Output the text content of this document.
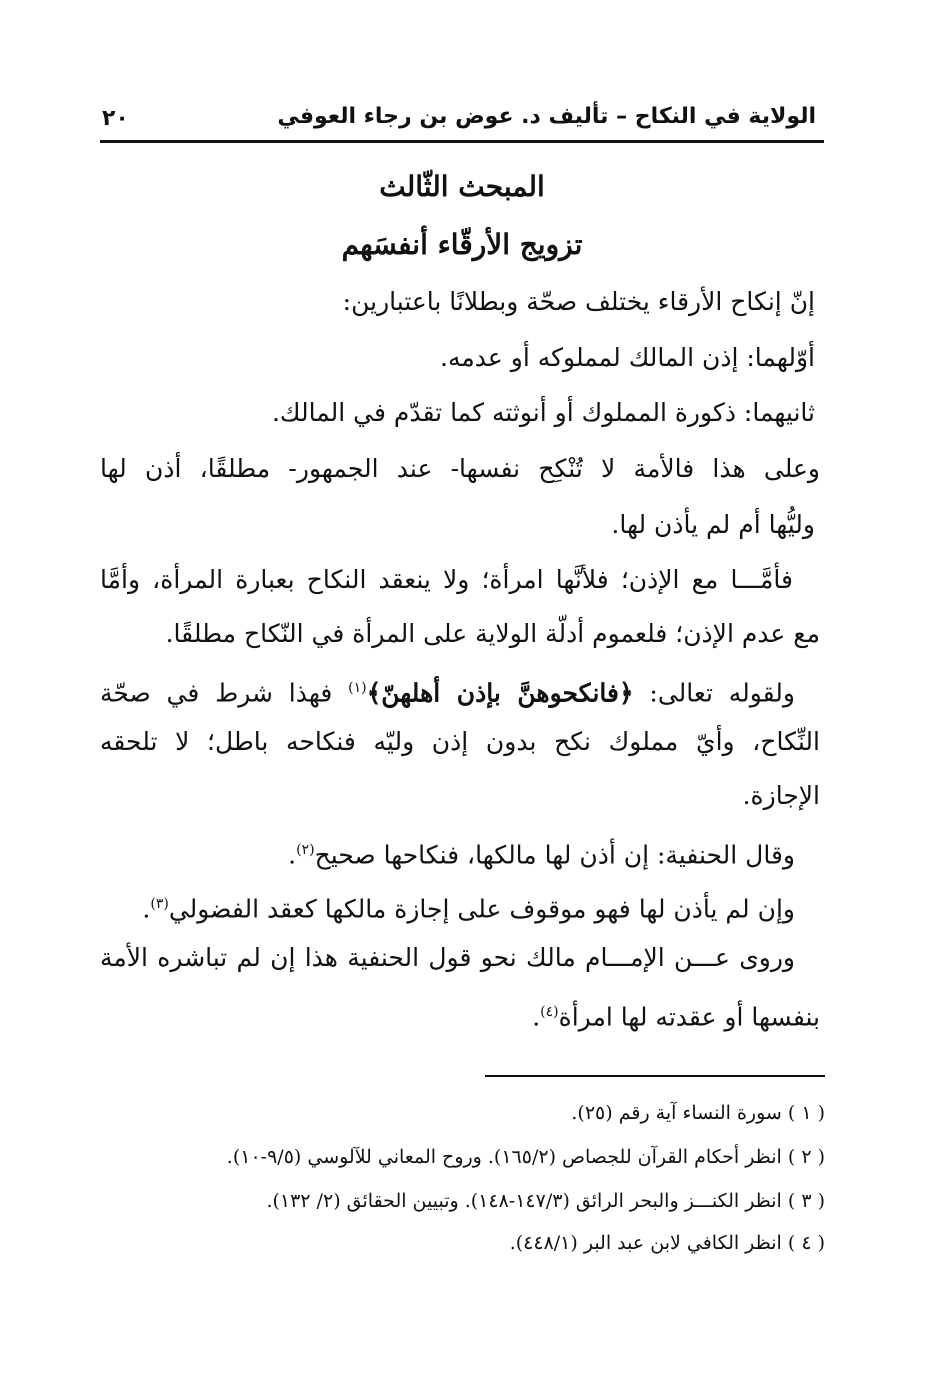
الولاية في النكاح – تأليف د. عوض بن رجاء العوفي
٢٠
المبحث الثّالث
تزويج الأرقّاء أنفسَهم
إنّ إنكاح الأرقاء يختلف صحّة وبطلانًا باعتبارين:
أوّلهما: إذن المالك لمملوكه أو عدمه.
ثانيهما: ذكورة المملوك أو أنوثته كما تقدّم في المالك.
وعلى هذا فالأمة لا تُنْكِح نفسها- عند الجمهور- مطلقًا، أذن لها
وليُّها أم لم يأذن لها.
فأمَّـــا مع الإذن؛ فلأنَّها امرأة؛ ولا ينعقد النكاح بعبارة المرأة، وأمَّا
مع عدم الإذن؛ فلعموم أدلّة الولاية على المرأة في النّكاح مطلقًا.
ولقوله تعالى: ﴿فانكحوهنَّ بإذن أهلهنّ﴾$^{(١)}$ فهذا شرط في صحّة
النِّكاح، وأيّ مملوك نكح بدون إذن وليّه فنكاحه باطل؛ لا تلحقه
الإجازة.
وقال الحنفية: إن أذن لها مالكها، فنكاحها صحيح$^{(٢)}$.
وإن لم يأذن لها فهو موقوف على إجازة مالكها كعقد الفضولي$^{(٣)}$.
وروى عـــن الإمـــام مالك نحو قول الحنفية هذا إن لم تباشره الأمة
بنفسها أو عقدته لها امرأة$^{(٤)}$.
( ١ ) سورة النساء آية رقم (٢٥).
( ٢ ) انظر أحكام القرآن للجصاص (١٦٥/٢). وروح المعاني للآلوسي (٩/٥-١٠).
( ٣ ) انظر الكنـــز والبحر الرائق (١٤٧/٣-١٤٨). وتبيين الحقائق (٢/ ١٣٢).
( ٤ ) انظر الكافي لابن عبد البر (٤٤٨/١).
